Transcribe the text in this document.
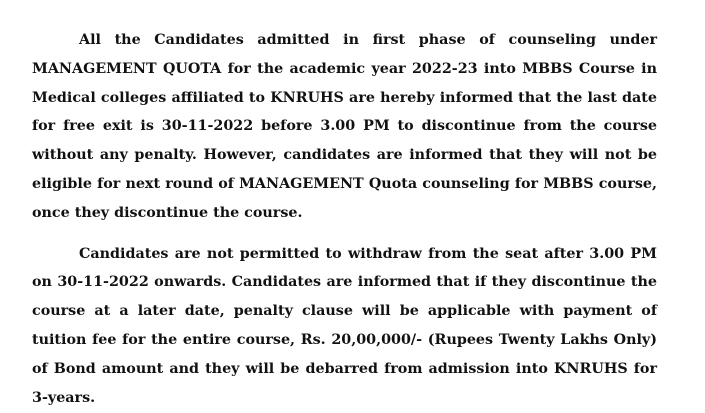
All the Candidates admitted in first phase of counseling under MANAGEMENT QUOTA for the academic year 2022-23 into MBBS Course in Medical colleges affiliated to KNRUHS are hereby informed that the last date for free exit is 30-11-2022 before 3.00 PM to discontinue from the course without any penalty. However, candidates are informed that they will not be eligible for next round of MANAGEMENT Quota counseling for MBBS course, once they discontinue the course.

Candidates are not permitted to withdraw from the seat after 3.00 PM on 30-11-2022 onwards. Candidates are informed that if they discontinue the course at a later date, penalty clause will be applicable with payment of tuition fee for the entire course, Rs. 20,00,000/- (Rupees Twenty Lakhs Only) of Bond amount and they will be debarred from admission into KNRUHS for 3-years.
